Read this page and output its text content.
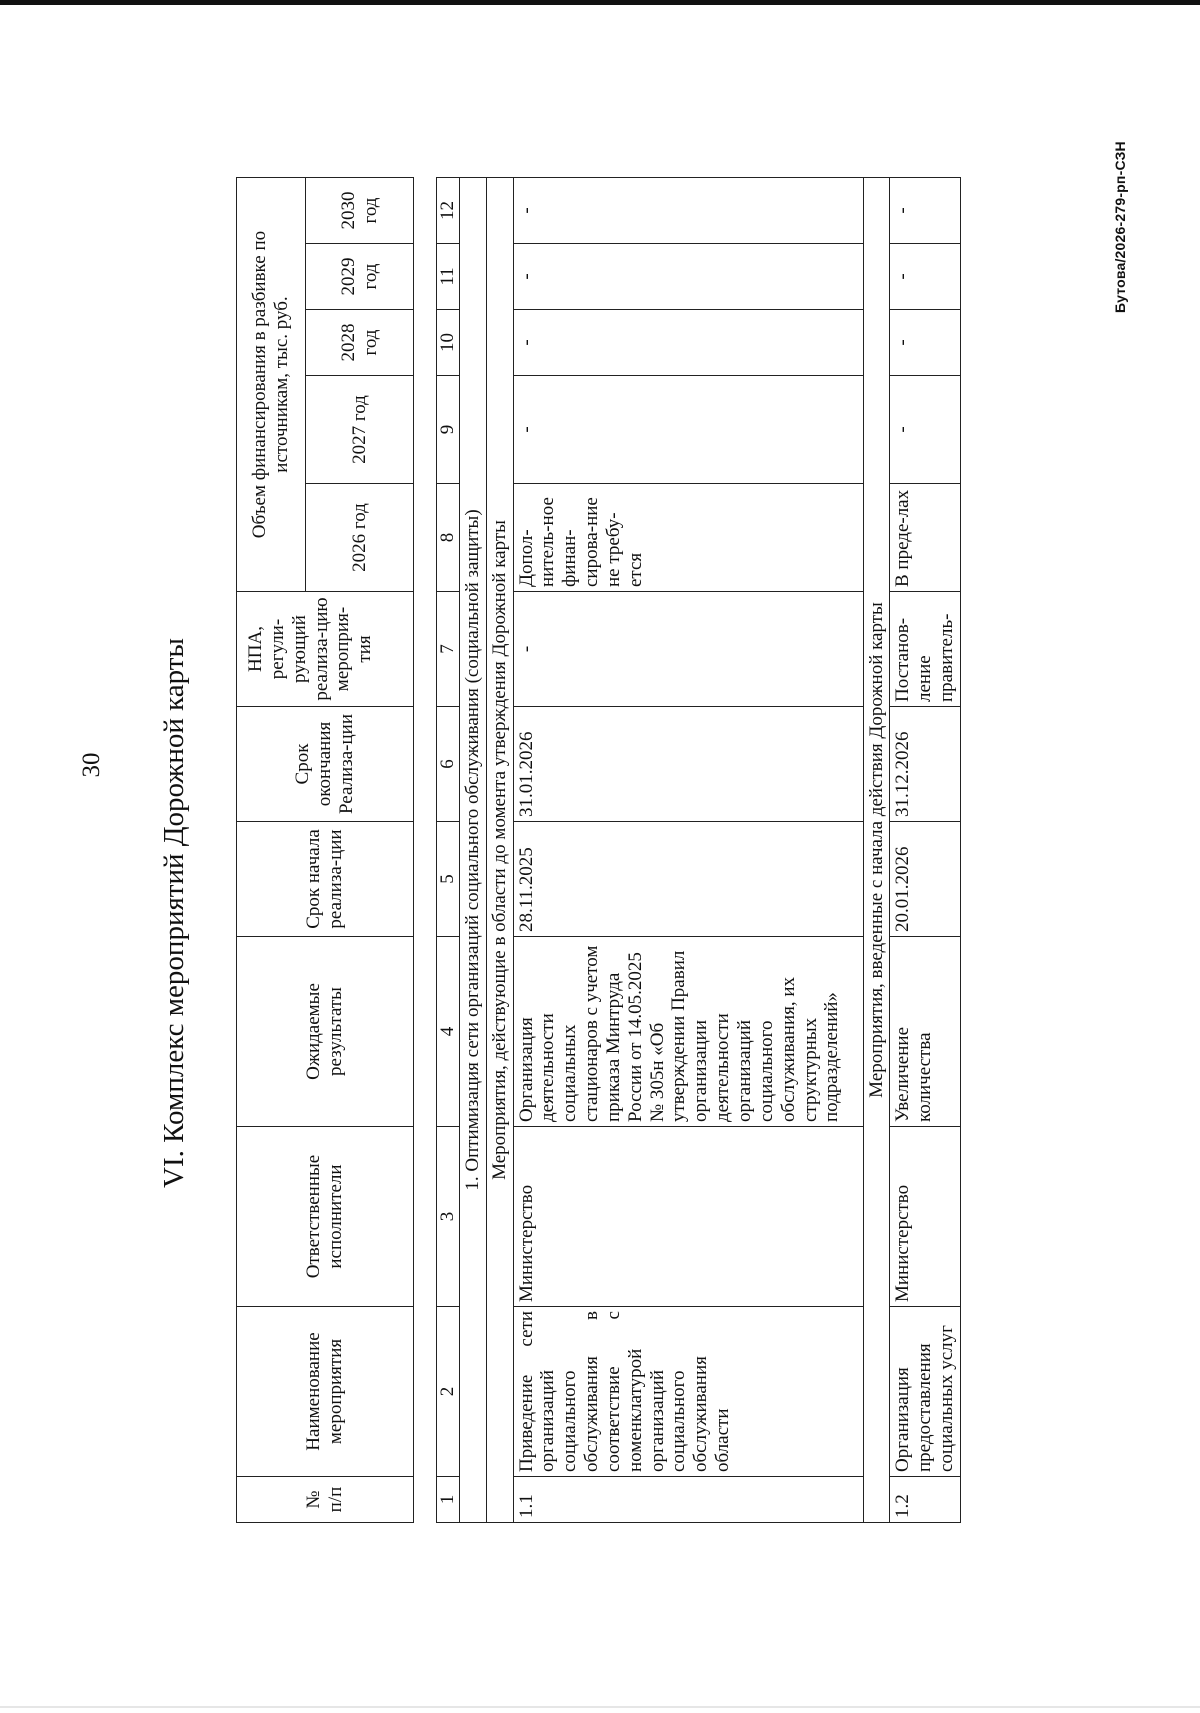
30 VI. Комплекс мероприятий Дорожной карты
№ п/п	Наименование мероприятия	Ответственные исполнители	Ожидаемые результаты	Срок начала реализа-ции	Срок окончания Реализа-ции	НПА, регули-рующий реализа-цию мероприя-тия	Объем финансирования в разбивке по источникам, тыс. руб.				
							2026 год	2027 год	2028 год	2029 год	2030 год
1	2	3	4	5	6	7	8	9	10	11	12
1. Оптимизация сети организаций социального обслуживания (социальной защиты)											
Мероприятия, действующие в области до момента утверждения Дорожной карты											
1.1	Приведение сети организаций социального обслуживания в соответствие с номенклатурой организаций социального обслуживания области	Министерство	Организация деятельности социальных стационаров с учетом приказа Минтруда России от 14.05.2025 № 305н «Об утверждении Правил организации деятельности организаций социального обслуживания, их структурных подразделений»	28.11.2025	31.01.2026	-	Допол-нитель-ное финан-сирова-ние не требу-ется	-	-	-	-
Мероприятия, введенные с начала действия Дорожной карты											
1.2	Организация предоставления социальных услуг	Министерство	Увеличение количества	20.01.2026	31.12.2026	Постанов-ление правитель-	В преде-лах	-	-	-	-	Бутова/2026-279-рп-СЗН
